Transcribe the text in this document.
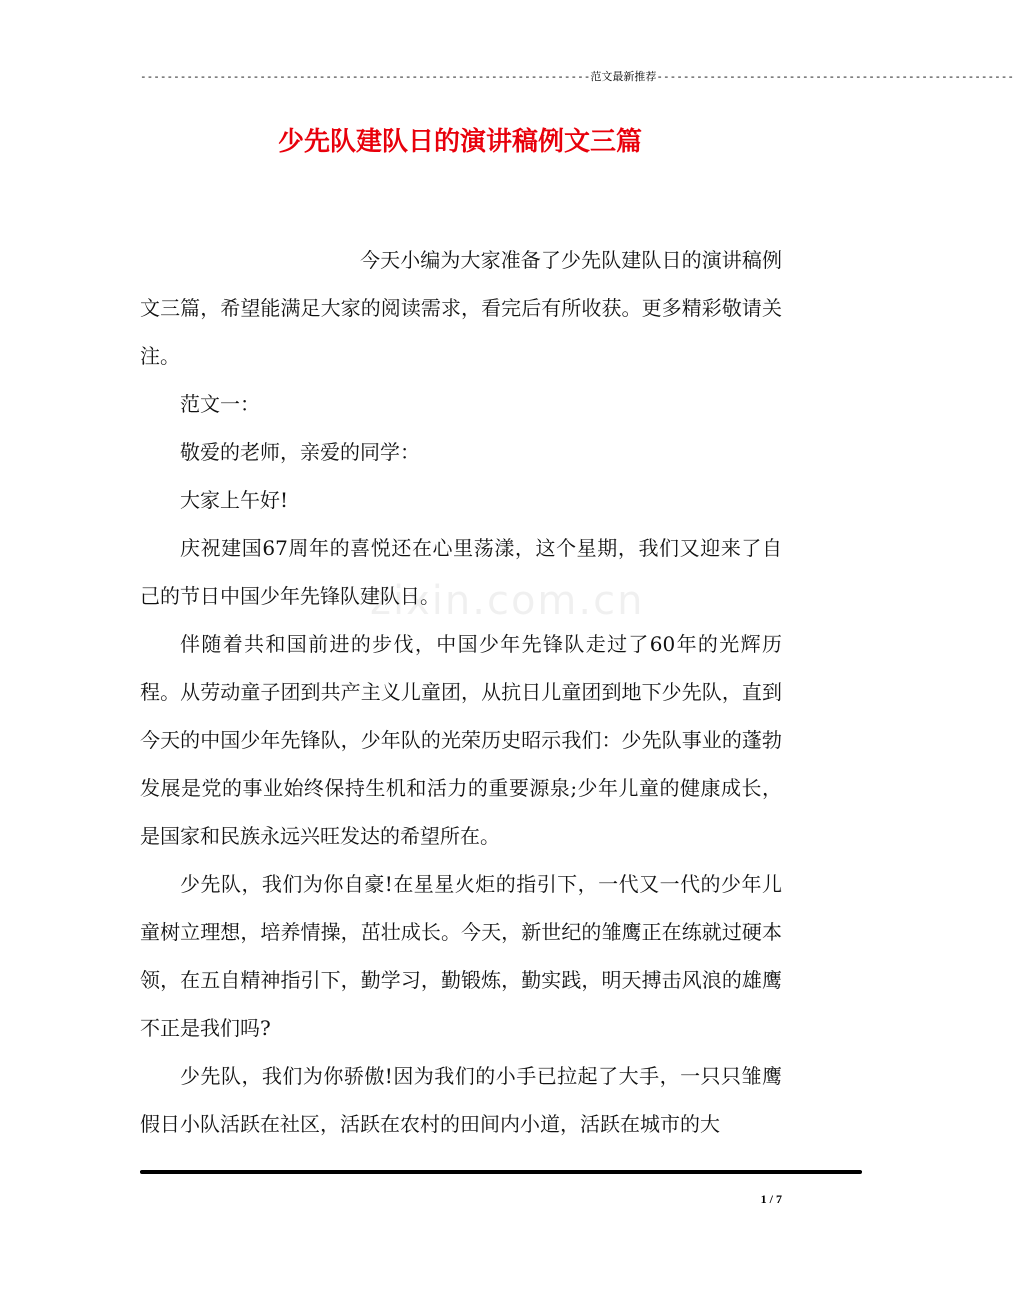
--------------------------------------------------------------------范文最新推荐------------------------------------------------------
少先队建队日的演讲稿例文三篇
zixin.com.cn

今天小编为大家准备了少先队建队日的演讲稿例文三篇，希望能满足大家的阅读需求，看完后有所收获。更多精彩敬请关注。

范文一：

敬爱的老师，亲爱的同学：

大家上午好!

庆祝建国67周年的喜悦还在心里荡漾，这个星期，我们又迎来了自己的节日中国少年先锋队建队日。

伴随着共和国前进的步伐，中国少年先锋队走过了60年的光辉历程。从劳动童子团到共产主义儿童团，从抗日儿童团到地下少先队，直到今天的中国少年先锋队，少年队的光荣历史昭示我们：少先队事业的蓬勃发展是党的事业始终保持生机和活力的重要源泉;少年儿童的健康成长，是国家和民族永远兴旺发达的希望所在。

少先队，我们为你自豪!在星星火炬的指引下，一代又一代的少年儿童树立理想，培养情操，茁壮成长。今天，新世纪的雏鹰正在练就过硬本领，在五自精神指引下，勤学习，勤锻炼，勤实践，明天搏击风浪的雄鹰不正是我们吗?

少先队，我们为你骄傲!因为我们的小手已拉起了大手，一只只雏鹰假日小队活跃在社区，活跃在农村的田间内小道，活跃在城市的大

1 / 7
